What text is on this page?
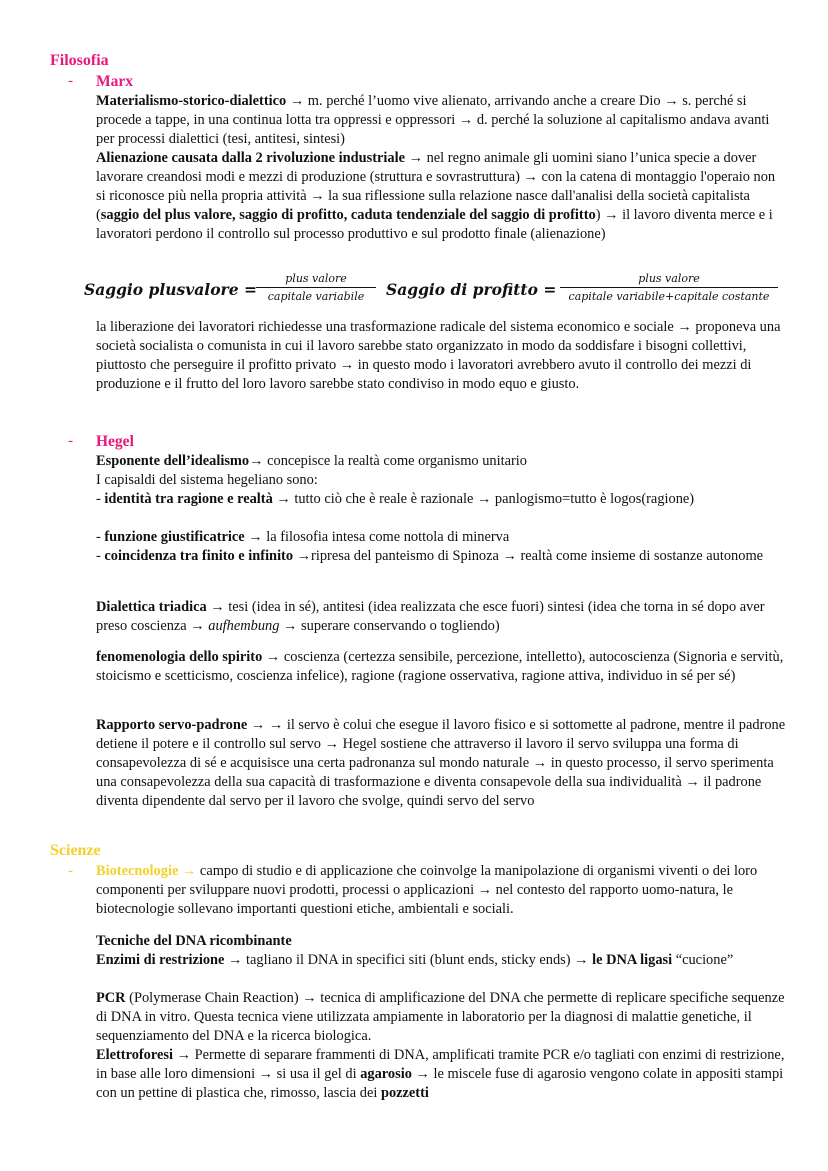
Filosofia
- Marx

Materialismo-storico-dialettico → m. perché l’uomo vive alienato, arrivando anche a creare Dio → s. perché si procede a tappe, in una continua lotta tra oppressi e oppressori → d. perché la soluzione al capitalismo andava avanti per processi dialettici (tesi, antitesi, sintesi)

Alienazione causata dalla 2 rivoluzione industriale → nel regno animale gli uomini siano l’unica specie a dover lavorare creandosi modi e mezzi di produzione (struttura e sovrastruttura) → con la catena di montaggio l'operaio non si riconosce più nella propria attività → la sua riflessione sulla relazione nasce dall'analisi della società capitalista (saggio del plus valore, saggio di profitto, caduta tendenziale del saggio di profitto) → il lavoro diventa merce e i lavoratori perdono il controllo sul processo produttivo e sul prodotto finale (alienazione)

Saggio plusvalore =
plus valore
capitale variabile	Saggio di profitto =
plus valore
capitale variabile+capitale costante

la liberazione dei lavoratori richiedesse una trasformazione radicale del sistema economico e sociale → proponeva una società socialista o comunista in cui il lavoro sarebbe stato organizzato in modo da soddisfare i bisogni collettivi, piuttosto che perseguire il profitto privato → in questo modo i lavoratori avrebbero avuto il controllo dei mezzi di produzione e il frutto del loro lavoro sarebbe stato condiviso in modo equo e giusto.

- Hegel

Esponente dell’idealismo→ concepisce la realtà come organismo unitario

I capisaldi del sistema hegeliano sono:

- identità tra ragione e realtà → tutto ciò che è reale è razionale → panlogismo=tutto è logos(ragione)

- funzione giustificatrice → la filosofia intesa come nottola di minerva

- coincidenza tra finito e infinito →ripresa del panteismo di Spinoza → realtà come insieme di sostanze autonome

Dialettica triadica → tesi (idea in sé), antitesi (idea realizzata che esce fuori) sintesi (idea che torna in sé dopo aver preso coscienza → aufhembung → superare conservando o togliendo)

fenomenologia dello spirito → coscienza (certezza sensibile, percezione, intelletto), autocoscienza (Signoria e servitù, stoicismo e scetticismo, coscienza infelice), ragione (ragione osservativa, ragione attiva, individuo in sé per sé)

Rapporto servo-padrone → → il servo è colui che esegue il lavoro fisico e si sottomette al padrone, mentre il padrone detiene il potere e il controllo sul servo → Hegel sostiene che attraverso il lavoro il servo sviluppa una forma di consapevolezza di sé e acquisisce una certa padronanza sul mondo naturale → in questo processo, il servo sperimenta una consapevolezza della sua capacità di trasformazione e diventa consapevole della sua individualità → il padrone diventa dipendente dal servo per il lavoro che svolge, quindi servo del servo

Scienze
- Biotecnologie → campo di studio e di applicazione che coinvolge la manipolazione di organismi viventi o dei loro componenti per sviluppare nuovi prodotti, processi o applicazioni → nel contesto del rapporto uomo-natura, le biotecnologie sollevano importanti questioni etiche, ambientali e sociali.

Tecniche del DNA ricombinante

Enzimi di restrizione → tagliano il DNA in specifici siti (blunt ends, sticky ends) → le DNA ligasi “cucione”

PCR (Polymerase Chain Reaction) → tecnica di amplificazione del DNA che permette di replicare specifiche sequenze di DNA in vitro. Questa tecnica viene utilizzata ampiamente in laboratorio per la diagnosi di malattie genetiche, il sequenziamento del DNA e la ricerca biologica.

Elettroforesi → Permette di separare frammenti di DNA, amplificati tramite PCR e/o tagliati con enzimi di restrizione, in base alle loro dimensioni → si usa il gel di agarosio → le miscele fuse di agarosio vengono colate in appositi stampi con un pettine di plastica che, rimosso, lascia dei pozzetti
